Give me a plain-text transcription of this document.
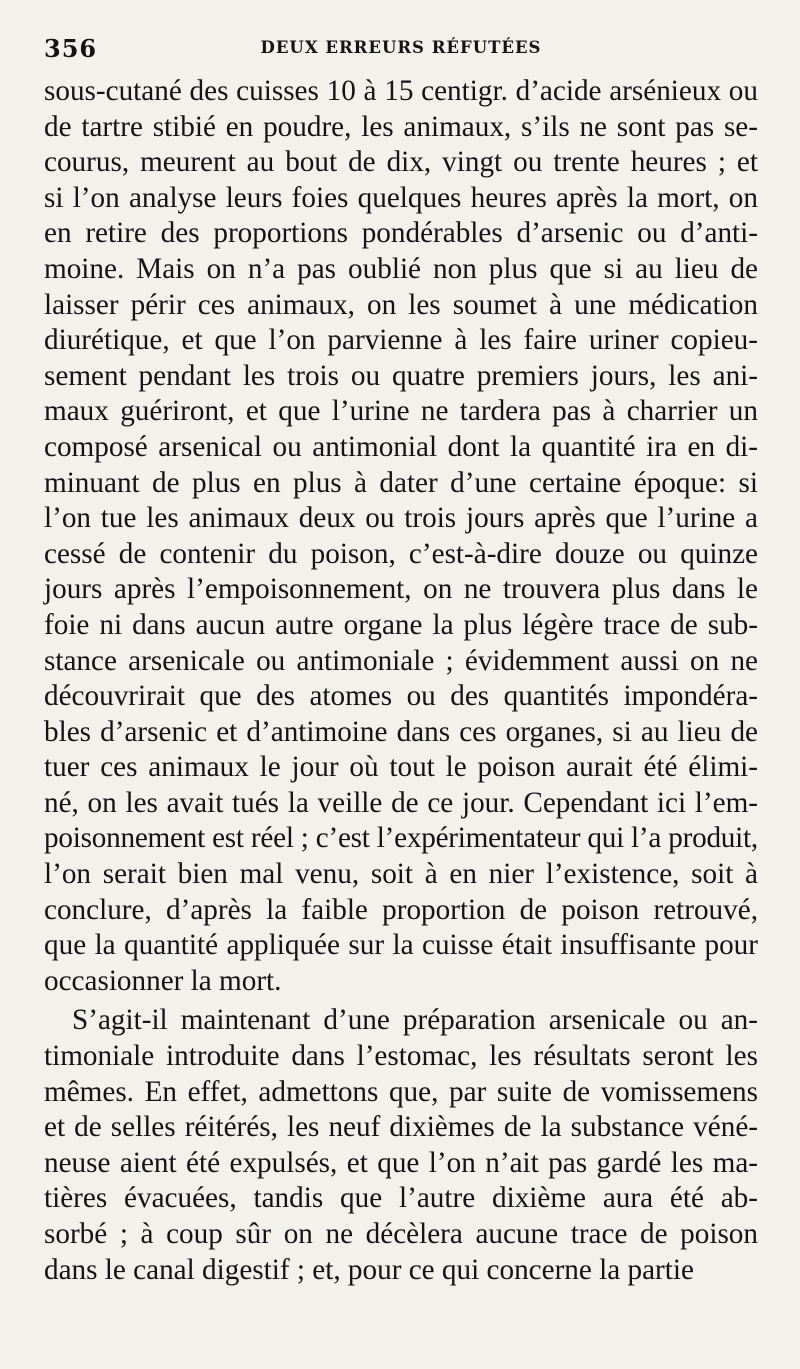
356	DEUX ERREURS RÉFUTÉES
sous-cutané des cuisses 10 à 15 centigr. d’acide arsénieux ou
de tartre stibié en poudre, les animaux, s’ils ne sont pas se-
courus, meurent au bout de dix, vingt ou trente heures ; et
si l’on analyse leurs foies quelques heures après la mort, on
en retire des proportions pondérables d’arsenic ou d’anti-
moine. Mais on n’a pas oublié non plus que si au lieu de
laisser périr ces animaux, on les soumet à une médication
diurétique, et que l’on parvienne à les faire uriner copieu-
sement pendant les trois ou quatre premiers jours, les ani-
maux guériront, et que l’urine ne tardera pas à charrier un
composé arsenical ou antimonial dont la quantité ira en di-
minuant de plus en plus à dater d’une certaine époque: si
l’on tue les animaux deux ou trois jours après que l’urine a
cessé de contenir du poison, c’est-à-dire douze ou quinze
jours après l’empoisonnement, on ne trouvera plus dans le
foie ni dans aucun autre organe la plus légère trace de sub-
stance arsenicale ou antimoniale ; évidemment aussi on ne
découvrirait que des atomes ou des quantités impondéra-
bles d’arsenic et d’antimoine dans ces organes, si au lieu de
tuer ces animaux le jour où tout le poison aurait été élimi-
né, on les avait tués la veille de ce jour. Cependant ici l’em-
poisonnement est réel ; c’est l’expérimentateur qui l’a produit,
l’on serait bien mal venu, soit à en nier l’existence, soit à
conclure, d’après la faible proportion de poison retrouvé,
que la quantité appliquée sur la cuisse était insuffisante pour
occasionner la mort.
S’agit-il maintenant d’une préparation arsenicale ou an-
timoniale introduite dans l’estomac, les résultats seront les
mêmes. En effet, admettons que, par suite de vomissemens
et de selles réitérés, les neuf dixièmes de la substance véné-
neuse aient été expulsés, et que l’on n’ait pas gardé les ma-
tières évacuées, tandis que l’autre dixième aura été ab-
sorbé ; à coup sûr on ne décèlera aucune trace de poison
dans le canal digestif ; et, pour ce qui concerne la partie
